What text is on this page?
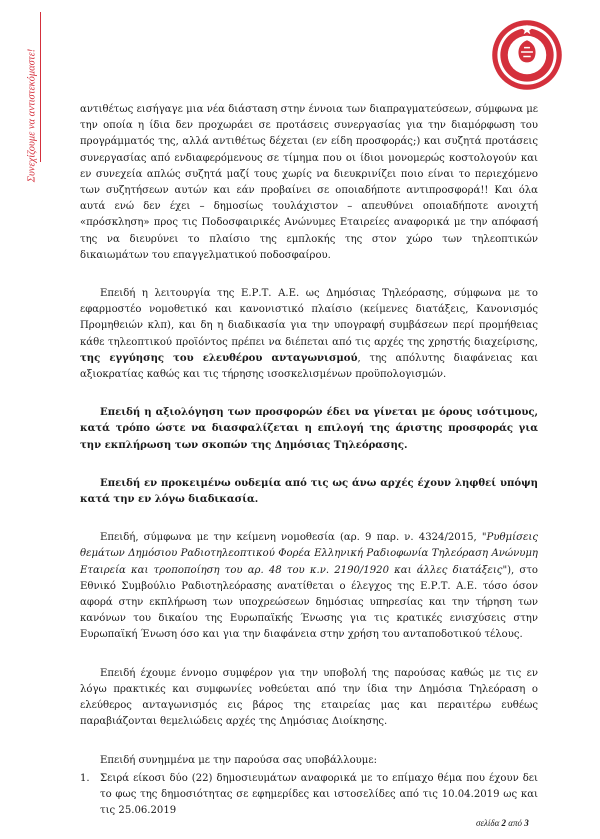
Συνεχίζουμε να αντιστεκόμαστε!	αντιθέτως εισήγαγε μια νέα διάσταση στην έννοια των διαπραγματεύσεων, σύμφωνα με την οποία η ίδια δεν προχωράει σε προτάσεις συνεργασίας για την διαμόρφωση του προγράμματός της, αλλά αντιθέτως δέχεται (εν είδη προσφοράς;) και συζητά προτάσεις συνεργασίας από ενδιαφερόμενους σε τίμημα που οι ίδιοι μονομερώς κοστολογούν και εν συνεχεία απλώς συζητά μαζί τους χωρίς να διευκρινίζει ποιο είναι το περιεχόμενο των συζητήσεων αυτών και εάν προβαίνει σε οποιαδήποτε αντιπροσφορά!! Και όλα αυτά ενώ δεν έχει – δημοσίως τουλάχιστον – απευθύνει οποιαδήποτε ανοιχτή «πρόσκληση» προς τις Ποδοσφαιρικές Ανώνυμες Εταιρείες αναφορικά με την απόφασή της να διευρύνει το πλαίσιο της εμπλοκής της στον χώρο των τηλεοπτικών δικαιωμάτων του επαγγελματικού ποδοσφαίρου.

Επειδή η λειτουργία της Ε.Ρ.Τ. Α.Ε. ως Δημόσιας Τηλεόρασης, σύμφωνα με το εφαρμοστέο νομοθετικό και κανονιστικό πλαίσιο (κείμενες διατάξεις, Κανονισμός Προμηθειών κλπ), και δη η διαδικασία για την υπογραφή συμβάσεων περί προμήθειας κάθε τηλεοπτικού προϊόντος πρέπει να διέπεται από τις αρχές της χρηστής διαχείρισης, της εγγύησης του ελευθέρου ανταγωνισμού, της απόλυτης διαφάνειας και αξιοκρατίας καθώς και τις τήρησης ισοσκελισμένων προϋπολογισμών.

Επειδή η αξιολόγηση των προσφορών έδει να γίνεται με όρους ισότιμους, κατά τρόπο ώστε να διασφαλίζεται η επιλογή της άριστης προσφοράς για την εκπλήρωση των σκοπών της Δημόσιας Τηλεόρασης.

Επειδή εν προκειμένω ουδεμία από τις ως άνω αρχές έχουν ληφθεί υπόψη κατά την εν λόγω διαδικασία.

Επειδή, σύμφωνα με την κείμενη νομοθεσία (αρ. 9 παρ. ν. 4324/2015, "Ρυθμίσεις θεμάτων Δημόσιου Ραδιοτηλεοπτικού Φορέα Ελληνική Ραδιοφωνία Τηλεόραση Ανώνυμη Εταιρεία και τροποποίηση του αρ. 48 του κ.ν. 2190/1920 και άλλες διατάξεις"), στο Εθνικό Συμβούλιο Ραδιοτηλεόρασης ανατίθεται ο έλεγχος της Ε.Ρ.Τ. Α.Ε. τόσο όσον αφορά στην εκπλήρωση των υποχρεώσεων δημόσιας υπηρεσίας και την τήρηση των κανόνων του δικαίου της Ευρωπαϊκής Ένωσης για τις κρατικές ενισχύσεις στην Ευρωπαϊκή Ένωση όσο και για την διαφάνεια στην χρήση του ανταποδοτικού τέλους.

Επειδή έχουμε έννομο συμφέρον για την υποβολή της παρούσας καθώς με τις εν λόγω πρακτικές και συμφωνίες νοθεύεται από την ίδια την Δημόσια Τηλεόραση ο ελεύθερος ανταγωνισμός εις βάρος της εταιρείας μας και περαιτέρω ευθέως παραβιάζονται θεμελιώδεις αρχές της Δημόσιας Διοίκησης.

Επειδή συνημμένα με την παρούσα σας υποβάλλουμε:

1.	Σειρά είκοσι δύο (22) δημοσιευμάτων αναφορικά με το επίμαχο θέμα που έχουν δει το φως της δημοσιότητας σε εφημερίδες και ιστοσελίδες από τις 10.04.2019 ως και τις 25.06.2019
σελίδα 2 από 3
